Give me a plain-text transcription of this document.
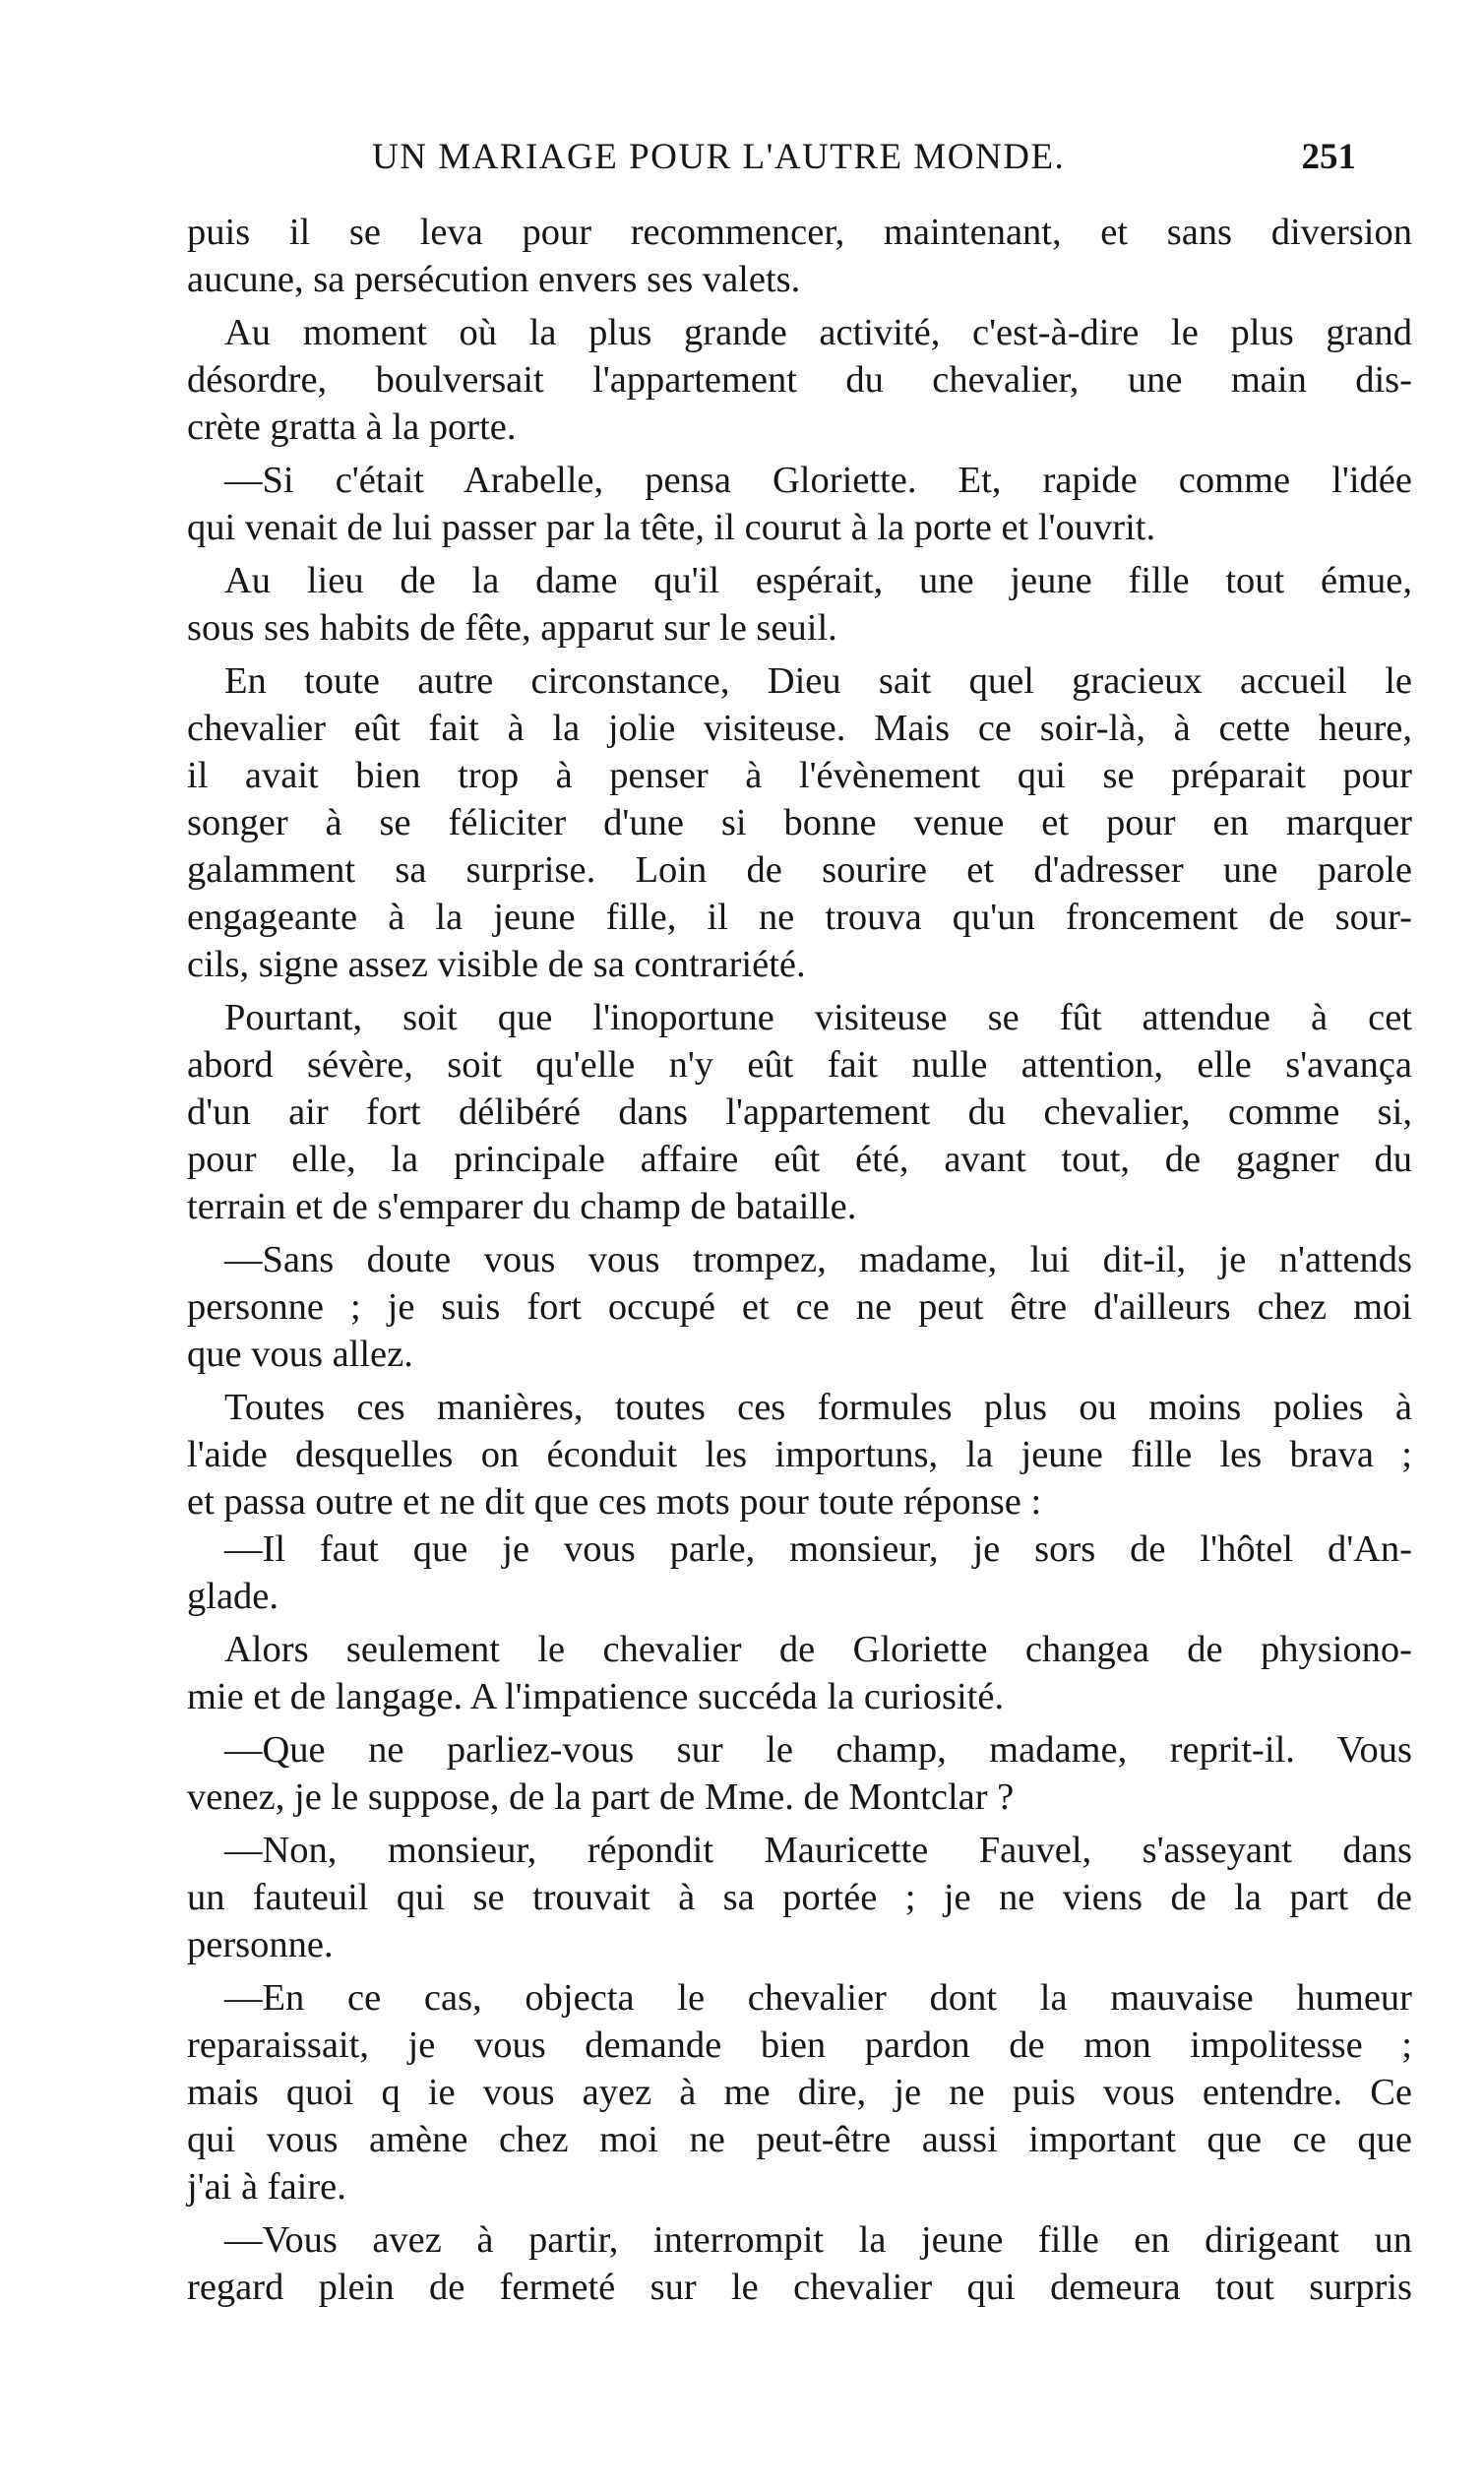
UN MARIAGE POUR L'AUTRE MONDE.	251
puis il se leva pour recommencer, maintenant, et sans diversion
aucune, sa persécution envers ses valets.
Au moment où la plus grande activité, c'est-à-dire le plus grand
désordre, boulversait l'appartement du chevalier, une main dis-
crète gratta à la porte.
—Si c'était Arabelle, pensa Gloriette. Et, rapide comme l'idée
qui venait de lui passer par la tête, il courut à la porte et l'ouvrit.
Au lieu de la dame qu'il espérait, une jeune fille tout émue,
sous ses habits de fête, apparut sur le seuil.
En toute autre circonstance, Dieu sait quel gracieux accueil le
chevalier eût fait à la jolie visiteuse. Mais ce soir-là, à cette heure,
il avait bien trop à penser à l'évènement qui se préparait pour
songer à se féliciter d'une si bonne venue et pour en marquer
galamment sa surprise. Loin de sourire et d'adresser une parole
engageante à la jeune fille, il ne trouva qu'un froncement de sour-
cils, signe assez visible de sa contrariété.
Pourtant, soit que l'inoportune visiteuse se fût attendue à cet
abord sévère, soit qu'elle n'y eût fait nulle attention, elle s'avança
d'un air fort délibéré dans l'appartement du chevalier, comme si,
pour elle, la principale affaire eût été, avant tout, de gagner du
terrain et de s'emparer du champ de bataille.
—Sans doute vous vous trompez, madame, lui dit-il, je n'attends
personne ; je suis fort occupé et ce ne peut être d'ailleurs chez moi
que vous allez.
Toutes ces manières, toutes ces formules plus ou moins polies à
l'aide desquelles on éconduit les importuns, la jeune fille les brava ;
et passa outre et ne dit que ces mots pour toute réponse :
—Il faut que je vous parle, monsieur, je sors de l'hôtel d'An-
glade.
Alors seulement le chevalier de Gloriette changea de physiono-
mie et de langage. A l'impatience succéda la curiosité.
—Que ne parliez-vous sur le champ, madame, reprit-il. Vous
venez, je le suppose, de la part de Mme. de Montclar ?
—Non, monsieur, répondit Mauricette Fauvel, s'asseyant dans
un fauteuil qui se trouvait à sa portée ; je ne viens de la part de
personne.
—En ce cas, objecta le chevalier dont la mauvaise humeur
reparaissait, je vous demande bien pardon de mon impolitesse ;
mais quoi q ie vous ayez à me dire, je ne puis vous entendre. Ce
qui vous amène chez moi ne peut-être aussi important que ce que
j'ai à faire.
—Vous avez à partir, interrompit la jeune fille en dirigeant un
regard plein de fermeté sur le chevalier qui demeura tout surpris
